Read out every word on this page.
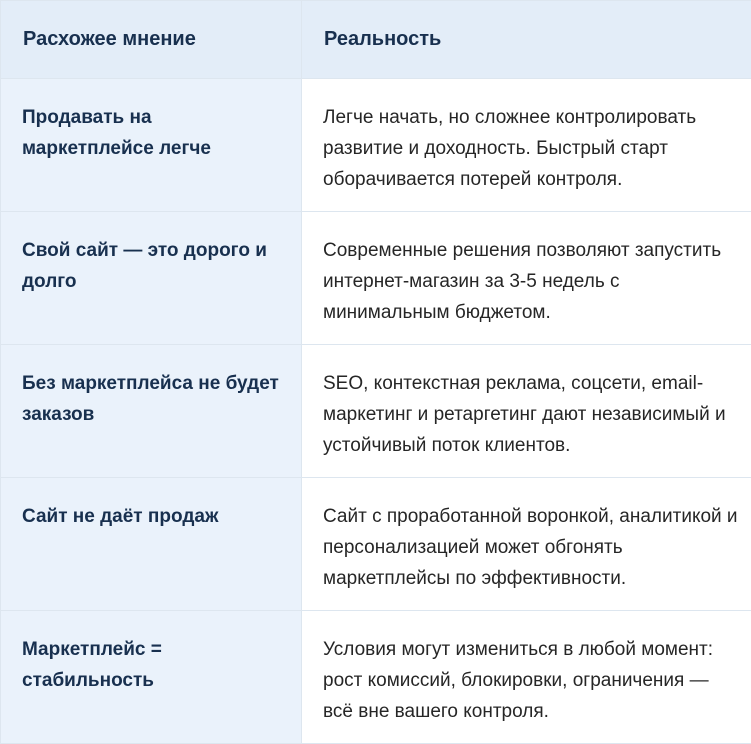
Расхожее мнение	Реальность
Продавать на маркетплейсе легче	Легче начать, но сложнее контролировать развитие и доходность. Быстрый старт оборачивается потерей контроля.
Свой сайт — это дорого и долго	Современные решения позволяют запустить интернет-магазин за 3-5 недель с минимальным бюджетом.
Без маркетплейса не будет заказов	SEO, контекстная реклама, соцсети, email-маркетинг и ретаргетинг дают независимый и устойчивый поток клиентов.
Сайт не даёт продаж	Сайт с проработанной воронкой, аналитикой и персонализацией может обгонять маркетплейсы по эффективности.
Маркетплейс = стабильность	Условия могут измениться в любой момент: рост комиссий, блокировки, ограничения — всё вне вашего контроля.
